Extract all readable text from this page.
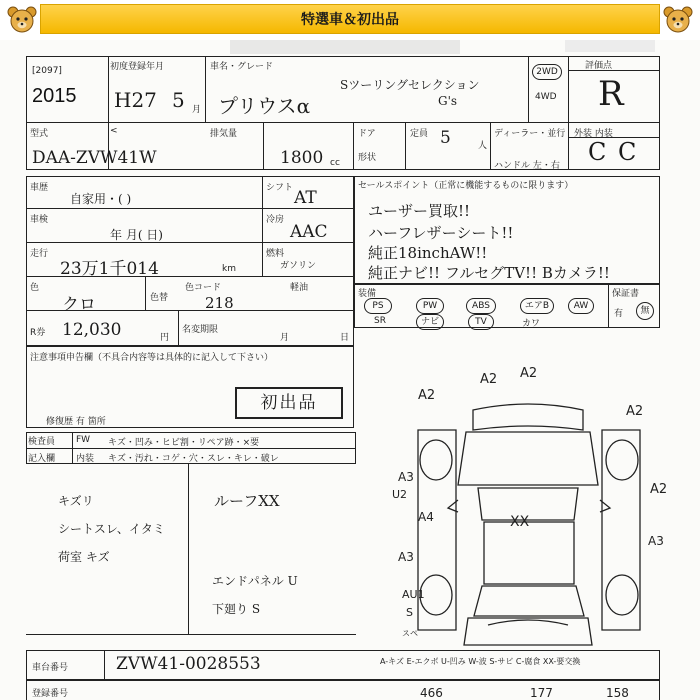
特選車＆初出品
[2097]
2015
初度登録年月
H27 5 月
車名・グレード
プリウスα
Sツーリングセレクション
G's
2WD
4WD
評価点
R
型式
DAA-ZVW41W
<	排気量
1800 cc
ドア
形状
定員 5	人
ディーラー・並行
ハンドル 左・右
外装 内装
C C
車歴
自家用・( )
シフト AT
車検
年 月( 日)
冷房
AAC
走行
23万1千014	km
燃料
ガソリン
軽油
色
クロ	色替
色コード
218
R券 12,030	円
名変期限
月	日
セールスポイント（正常に機能するものに限ります）
ユーザー買取!!
ハーフレザーシート!!
純正18inchAW!!
純正ナビ!! フルセグTV!! Bカメラ!!
装備
PS	PW	ABS	エアB	AW
SR	ナビ	TV	カワ
保証書
有	無
注意事項申告欄（不具合内容等は具体的に記入して下さい）
修復歴 有 箇所
初出品
検査員
記入欄
FW キズ・凹み・ヒビ割・リペア跡・×要
内装 キズ・汚れ・コゲ・穴・スレ・キレ・破レ
キズリ
シートスレ、イタミ
荷室 キズ
ルーフXX
エンドパネル U
下廻り S
A2 A2
A2
A2
A3
U2
A4
A3
A2
A3
XX
AU1
S
スペ
A-キズ E-エクボ U-凹み W-波 S-サビ C-腐食 XX-要交換
車台番号	ZVW41-0028553
登録番号	466	177	158
